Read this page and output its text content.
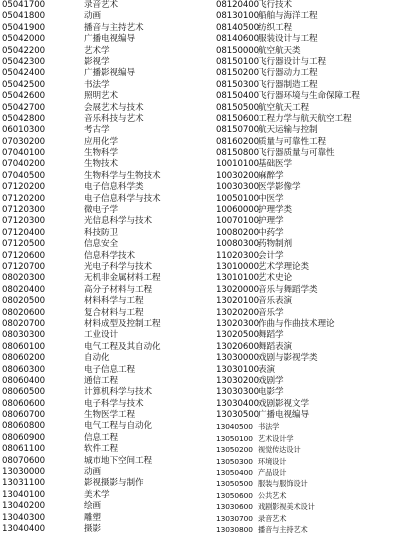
05041700	录音艺术
05041800	动画
05041900	播音与主持艺术
05042000	广播电视编导
05042200	艺术学
05042300	影视学
05042400	广播影视编导
05042500	书法学
05042600	照明艺术
05042700	会展艺术与技术
05042800	音乐科技与艺术
06010300	考古学
07030200	应用化学
07040100	生物科学
07040200	生物技术
07040500	生物科学与生物技术
07120200	电子信息科学类
07120200	电子信息科学与技术
07120300	微电子学
07120300	光信息科学与技术
07120400	科技防卫
07120500	信息安全
07120600	信息科学技术
07120700	光电子科学与技术
08020300	无机非金属材料工程
08020400	高分子材料与工程
08020500	材料科学与工程
08020600	复合材料与工程
08020700	材料成型及控制工程
08030300	工业设计
08060100	电气工程及其自动化
08060200	自动化
08060300	电子信息工程
08060400	通信工程
08060500	计算机科学与技术
08060600	电子科学与技术
08060700	生物医学工程
08060800	电气工程与自动化
08060900	信息工程
08061100	软件工程
08070600	城市地下空间工程
13030000	动画
13031100	影视摄影与制作
13040100	美术学
13040200	绘画
13040300	雕塑
13040400	摄影
08120400 飞行技术
08130100 船舶与海洋工程
08140500 纺织工程
08140600 服装设计与工程
08150000 航空航天类
08150100 飞行器设计与工程
08150200 飞行器动力工程
08150300 飞行器制造工程
08150400 飞行器环境与生命保障工程
08150500 航空航天工程
08150600 工程力学与航天航空工程
08150700 航天运输与控制
08160200 质量与可靠性工程
08150800 飞行器质量与可靠性
10010100 基础医学
10030200 麻醉学
10030300 医学影像学
10050100 中医学
10060000 护理学类
10070100 护理学
10080200 中药学
10080300 药物制剂
11020300 会计学
13010000 艺术学理论类
13010100 艺术史论
13020000 音乐与舞蹈学类
13020100 音乐表演
13020200 音乐学
13020300 作曲与作曲技术理论
13020500 舞蹈学
13020600 舞蹈表演
13030000 戏剧与影视学类
13030100 表演
13030200 戏剧学
13030300 电影学
13030400 戏剧影视文学
13030500 广播电视编导
13040500 书法学
13050100 艺术设计学
13050200 视觉传达设计
13050300 环境设计
13050400 产品设计
13050500 服装与服饰设计
13050600 公共艺术
13030600 戏剧影视美术设计
13030700 录音艺术
13030800 播音与主持艺术
